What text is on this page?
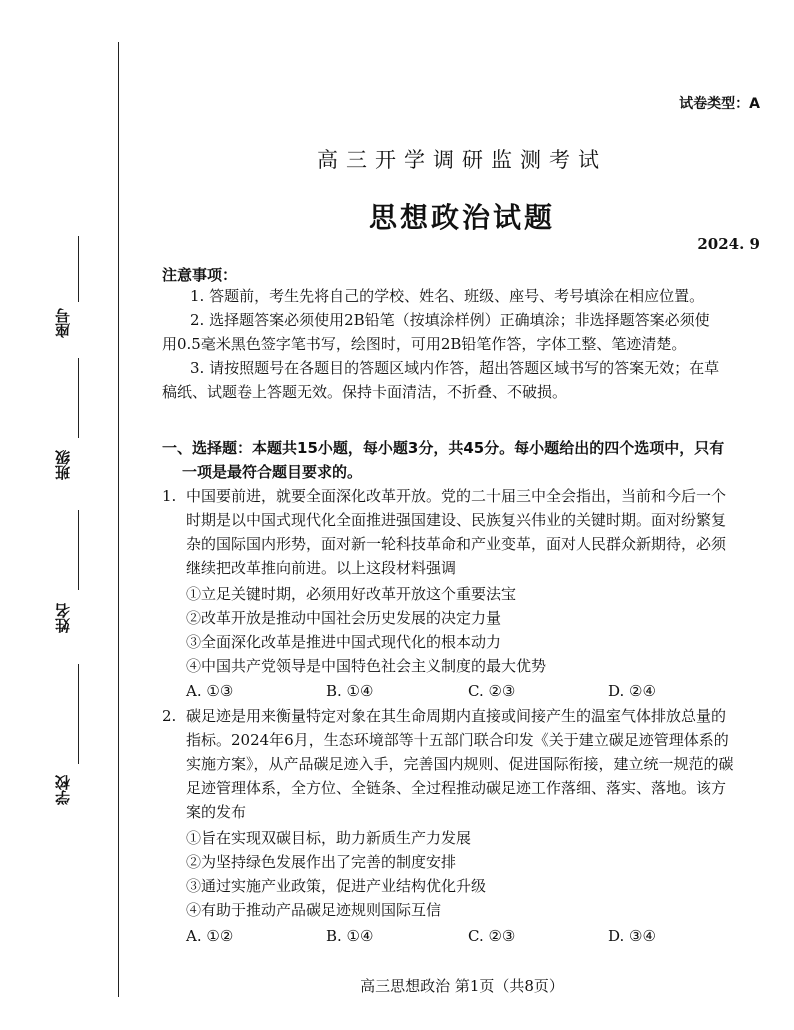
座号
班级
姓名
学校
试卷类型：A
高三开学调研监测考试
思想政治试题
2024. 9
注意事项：
1. 答题前，考生先将自己的学校、姓名、班级、座号、考号填涂在相应位置。
2. 选择题答案必须使用2B铅笔（按填涂样例）正确填涂；非选择题答案必须使
用0.5毫米黑色签字笔书写，绘图时，可用2B铅笔作答，字体工整、笔迹清楚。
3. 请按照题号在各题目的答题区域内作答，超出答题区域书写的答案无效；在草
稿纸、试题卷上答题无效。保持卡面清洁，不折叠、不破损。
一、选择题：本题共15小题，每小题3分，共45分。每小题给出的四个选项中，只有
一项是最符合题目要求的。
1. 中国要前进，就要全面深化改革开放。党的二十届三中全会指出，当前和今后一个
时期是以中国式现代化全面推进强国建设、民族复兴伟业的关键时期。面对纷繁复
杂的国际国内形势，面对新一轮科技革命和产业变革，面对人民群众新期待，必须
继续把改革推向前进。以上这段材料强调
①立足关键时期，必须用好改革开放这个重要法宝
②改革开放是推动中国社会历史发展的决定力量
③全面深化改革是推进中国式现代化的根本动力
④中国共产党领导是中国特色社会主义制度的最大优势
A. ①③	B. ①④	C. ②③	D. ②④
2. 碳足迹是用来衡量特定对象在其生命周期内直接或间接产生的温室气体排放总量的
指标。2024年6月，生态环境部等十五部门联合印发《关于建立碳足迹管理体系的
实施方案》，从产品碳足迹入手，完善国内规则、促进国际衔接，建立统一规范的碳
足迹管理体系，全方位、全链条、全过程推动碳足迹工作落细、落实、落地。该方
案的发布
①旨在实现双碳目标，助力新质生产力发展
②为坚持绿色发展作出了完善的制度安排
③通过实施产业政策，促进产业结构优化升级
④有助于推动产品碳足迹规则国际互信
A. ①②	B. ①④	C. ②③	D. ③④
高三思想政治 第1页（共8页）
